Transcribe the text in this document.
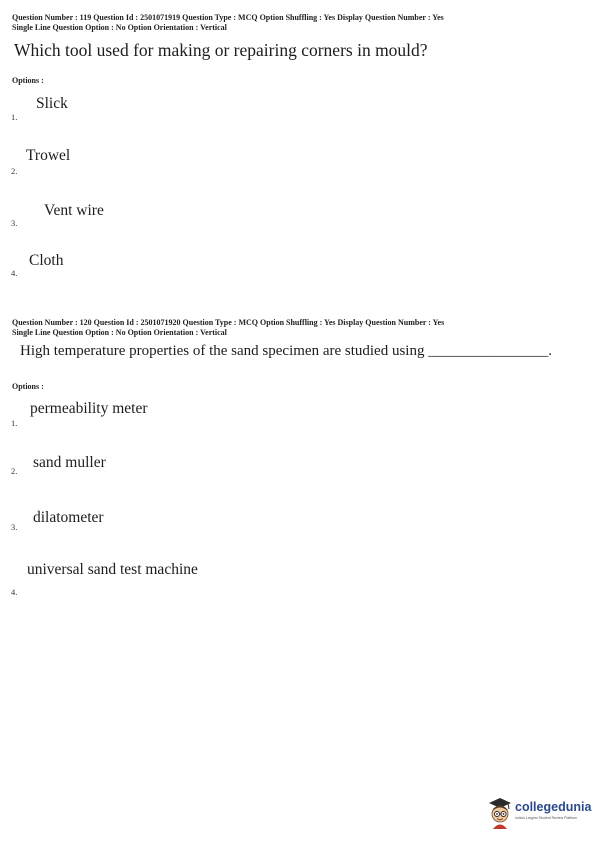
Question Number : 119 Question Id : 2501071919 Question Type : MCQ Option Shuffling : Yes Display Question Number : Yes
Single Line Question Option : No Option Orientation : Vertical
Which tool used for making or repairing corners in mould?
Options :
Slick
1.
Trowel
2.
Vent wire
3.
Cloth
4.
Question Number : 120 Question Id : 2501071920 Question Type : MCQ Option Shuffling : Yes Display Question Number : Yes
Single Line Question Option : No Option Orientation : Vertical
High temperature properties of the sand specimen are studied using ________________.
Options :
permeability meter
1.
sand muller
2.
dilatometer
3.
universal sand test machine
4.
collegedunia
India's Largest Student Review Platform
